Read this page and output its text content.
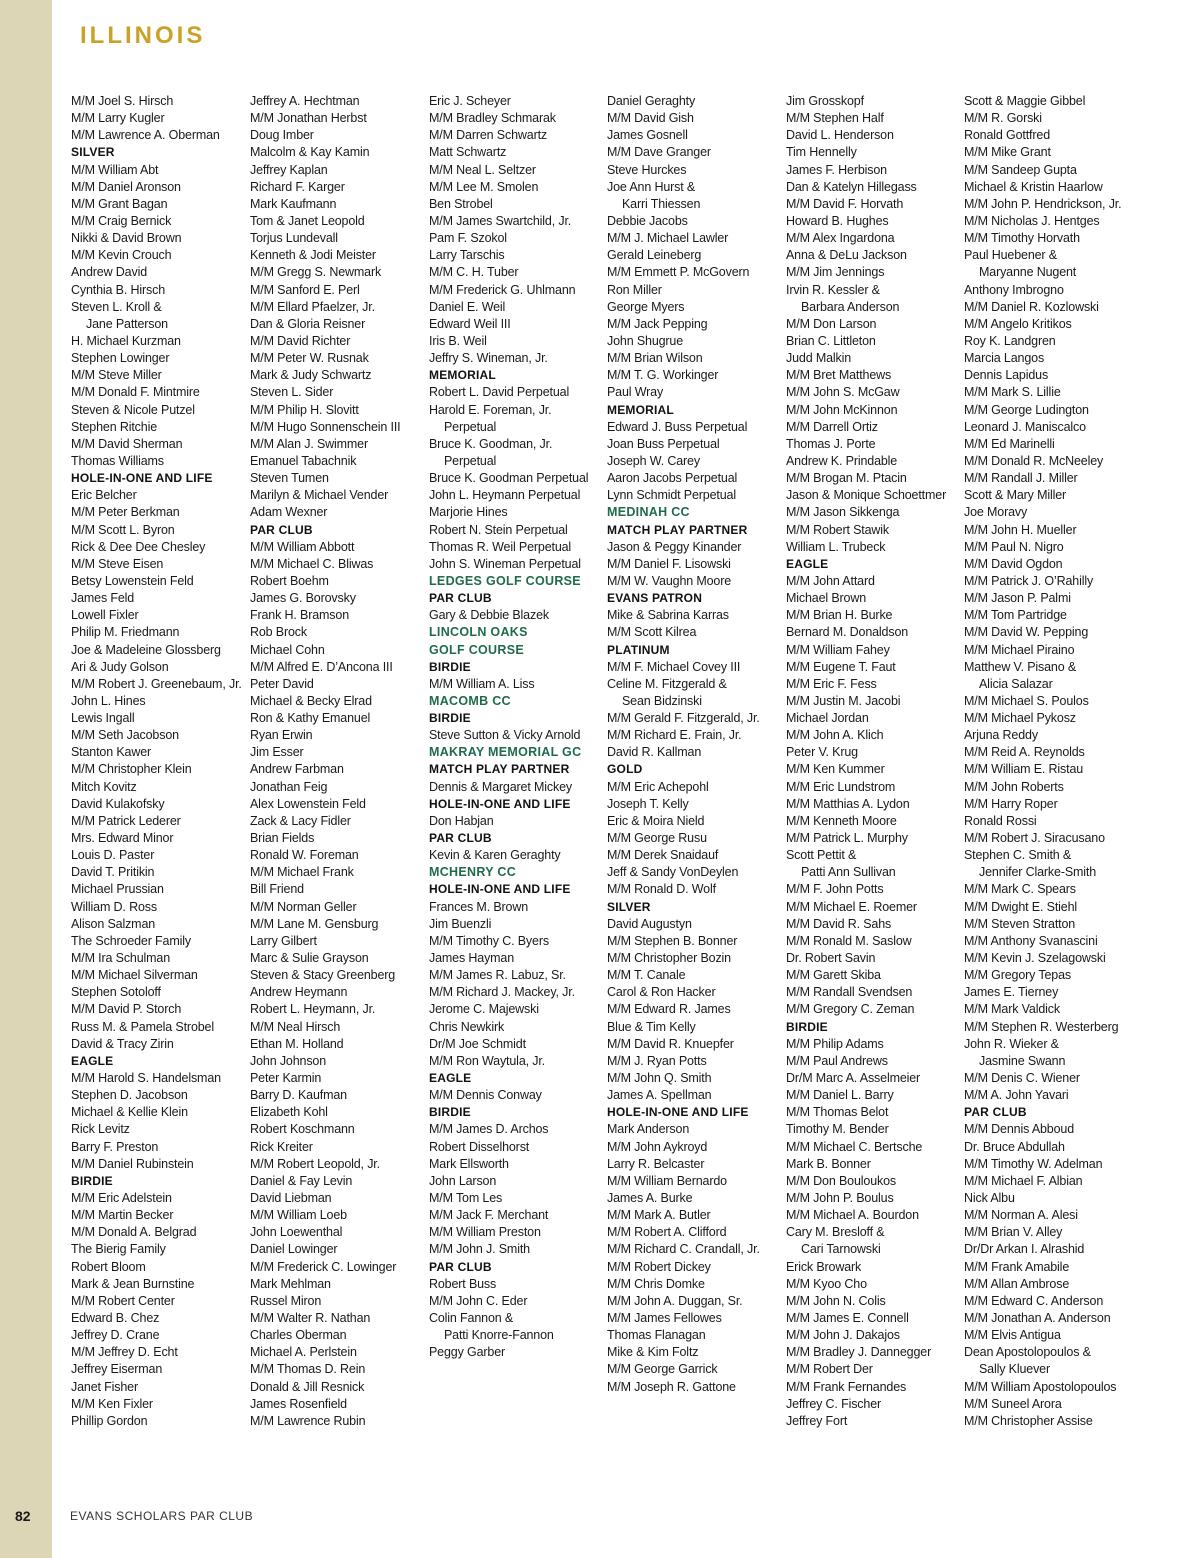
ILLINOIS
M/M Joel S. Hirsch
M/M Larry Kugler
M/M Lawrence A. Oberman
SILVER
M/M William Abt
M/M Daniel Aronson
M/M Grant Bagan
M/M Craig Bernick
Nikki & David Brown
M/M Kevin Crouch
Andrew David
Cynthia B. Hirsch
Steven L. Kroll &
Jane Patterson
H. Michael Kurzman
Stephen Lowinger
M/M Steve Miller
M/M Donald F. Mintmire
Steven & Nicole Putzel
Stephen Ritchie
M/M David Sherman
Thomas Williams
HOLE-IN-ONE AND LIFE
Eric Belcher
M/M Peter Berkman
M/M Scott L. Byron
Rick & Dee Dee Chesley
M/M Steve Eisen
Betsy Lowenstein Feld
James Feld
Lowell Fixler
Philip M. Friedmann
Joe & Madeleine Glossberg
Ari & Judy Golson
M/M Robert J. Greenebaum, Jr.
John L. Hines
Lewis Ingall
M/M Seth Jacobson
Stanton Kawer
M/M Christopher Klein
Mitch Kovitz
David Kulakofsky
M/M Patrick Lederer
Mrs. Edward Minor
Louis D. Paster
David T. Pritikin
Michael Prussian
William D. Ross
Alison Salzman
The Schroeder Family
M/M Ira Schulman
M/M Michael Silverman
Stephen Sotoloff
M/M David P. Storch
Russ M. & Pamela Strobel
David & Tracy Zirin
EAGLE
M/M Harold S. Handelsman
Stephen D. Jacobson
Michael & Kellie Klein
Rick Levitz
Barry F. Preston
M/M Daniel Rubinstein
BIRDIE
M/M Eric Adelstein
M/M Martin Becker
M/M Donald A. Belgrad
The Bierig Family
Robert Bloom
Mark & Jean Burnstine
M/M Robert Center
Edward B. Chez
Jeffrey D. Crane
M/M Jeffrey D. Echt
Jeffrey Eiserman
Janet Fisher
M/M Ken Fixler
Phillip Gordon
Jeffrey A. Hechtman
M/M Jonathan Herbst
Doug Imber
Malcolm & Kay Kamin
Jeffrey Kaplan
Richard F. Karger
Mark Kaufmann
Tom & Janet Leopold
Torjus Lundevall
Kenneth & Jodi Meister
M/M Gregg S. Newmark
M/M Sanford E. Perl
M/M Ellard Pfaelzer, Jr.
Dan & Gloria Reisner
M/M David Richter
M/M Peter W. Rusnak
Mark & Judy Schwartz
Steven L. Sider
M/M Philip H. Slovitt
M/M Hugo Sonnenschein III
M/M Alan J. Swimmer
Emanuel Tabachnik
Steven Tumen
Marilyn & Michael Vender
Adam Wexner
PAR CLUB
M/M William Abbott
M/M Michael C. Bliwas
Robert Boehm
James G. Borovsky
Frank H. Bramson
Rob Brock
Michael Cohn
M/M Alfred E. D’Ancona III
Peter David
Michael & Becky Elrad
Ron & Kathy Emanuel
Ryan Erwin
Jim Esser
Andrew Farbman
Jonathan Feig
Alex Lowenstein Feld
Zack & Lacy Fidler
Brian Fields
Ronald W. Foreman
M/M Michael Frank
Bill Friend
M/M Norman Geller
M/M Lane M. Gensburg
Larry Gilbert
Marc & Sulie Grayson
Steven & Stacy Greenberg
Andrew Heymann
Robert L. Heymann, Jr.
M/M Neal Hirsch
Ethan M. Holland
John Johnson
Peter Karmin
Barry D. Kaufman
Elizabeth Kohl
Robert Koschmann
Rick Kreiter
M/M Robert Leopold, Jr.
Daniel & Fay Levin
David Liebman
M/M William Loeb
John Loewenthal
Daniel Lowinger
M/M Frederick C. Lowinger
Mark Mehlman
Russel Miron
M/M Walter R. Nathan
Charles Oberman
Michael A. Perlstein
M/M Thomas D. Rein
Donald & Jill Resnick
James Rosenfield
M/M Lawrence Rubin
Eric J. Scheyer
M/M Bradley Schmarak
M/M Darren Schwartz
Matt Schwartz
M/M Neal L. Seltzer
M/M Lee M. Smolen
Ben Strobel
M/M James Swartchild, Jr.
Pam F. Szokol
Larry Tarschis
M/M C. H. Tuber
M/M Frederick G. Uhlmann
Daniel E. Weil
Edward Weil III
Iris B. Weil
Jeffry S. Wineman, Jr.
MEMORIAL
Robert L. David Perpetual
Harold E. Foreman, Jr.
Perpetual
Bruce K. Goodman, Jr.
Perpetual
Bruce K. Goodman Perpetual
John L. Heymann Perpetual
Marjorie Hines
Robert N. Stein Perpetual
Thomas R. Weil Perpetual
John S. Wineman Perpetual
LEDGES GOLF COURSE
PAR CLUB
Gary & Debbie Blazek
LINCOLN OAKS
GOLF COURSE
BIRDIE
M/M William A. Liss
MACOMB CC
BIRDIE
Steve Sutton & Vicky Arnold
MAKRAY MEMORIAL GC
MATCH PLAY PARTNER
Dennis & Margaret Mickey
HOLE-IN-ONE AND LIFE
Don Habjan
PAR CLUB
Kevin & Karen Geraghty
MCHENRY CC
HOLE-IN-ONE AND LIFE
Frances M. Brown
Jim Buenzli
M/M Timothy C. Byers
James Hayman
M/M James R. Labuz, Sr.
M/M Richard J. Mackey, Jr.
Jerome C. Majewski
Chris Newkirk
Dr/M Joe Schmidt
M/M Ron Waytula, Jr.
EAGLE
M/M Dennis Conway
BIRDIE
M/M James D. Archos
Robert Disselhorst
Mark Ellsworth
John Larson
M/M Tom Les
M/M Jack F. Merchant
M/M William Preston
M/M John J. Smith
PAR CLUB
Robert Buss
M/M John C. Eder
Colin Fannon &
Patti Knorre-Fannon
Peggy Garber
Daniel Geraghty
M/M David Gish
James Gosnell
M/M Dave Granger
Steve Hurckes
Joe Ann Hurst &
Karri Thiessen
Debbie Jacobs
M/M J. Michael Lawler
Gerald Leineberg
M/M Emmett P. McGovern
Ron Miller
George Myers
M/M Jack Pepping
John Shugrue
M/M Brian Wilson
M/M T. G. Workinger
Paul Wray
MEMORIAL
Edward J. Buss Perpetual
Joan Buss Perpetual
Joseph W. Carey
Aaron Jacobs Perpetual
Lynn Schmidt Perpetual
MEDINAH CC
MATCH PLAY PARTNER
Jason & Peggy Kinander
M/M Daniel F. Lisowski
M/M W. Vaughn Moore
EVANS PATRON
Mike & Sabrina Karras
M/M Scott Kilrea
PLATINUM
M/M F. Michael Covey III
Celine M. Fitzgerald &
Sean Bidzinski
M/M Gerald F. Fitzgerald, Jr.
M/M Richard E. Frain, Jr.
David R. Kallman
GOLD
M/M Eric Achepohl
Joseph T. Kelly
Eric & Moira Nield
M/M George Rusu
M/M Derek Snaidauf
Jeff & Sandy VonDeylen
M/M Ronald D. Wolf
SILVER
David Augustyn
M/M Stephen B. Bonner
M/M Christopher Bozin
M/M T. Canale
Carol & Ron Hacker
M/M Edward R. James
Blue & Tim Kelly
M/M David R. Knuepfer
M/M J. Ryan Potts
M/M John Q. Smith
James A. Spellman
HOLE-IN-ONE AND LIFE
Mark Anderson
M/M John Aykroyd
Larry R. Belcaster
M/M William Bernardo
James A. Burke
M/M Mark A. Butler
M/M Robert A. Clifford
M/M Richard C. Crandall, Jr.
M/M Robert Dickey
M/M Chris Domke
M/M John A. Duggan, Sr.
M/M James Fellowes
Thomas Flanagan
Mike & Kim Foltz
M/M George Garrick
M/M Joseph R. Gattone
Jim Grosskopf
M/M Stephen Half
David L. Henderson
Tim Hennelly
James F. Herbison
Dan & Katelyn Hillegass
M/M David F. Horvath
Howard B. Hughes
M/M Alex Ingardona
Anna & DeLu Jackson
M/M Jim Jennings
Irvin R. Kessler &
Barbara Anderson
M/M Don Larson
Brian C. Littleton
Judd Malkin
M/M Bret Matthews
M/M John S. McGaw
M/M John McKinnon
M/M Darrell Ortiz
Thomas J. Porte
Andrew K. Prindable
M/M Brogan M. Ptacin
Jason & Monique Schoettmer
M/M Jason Sikkenga
M/M Robert Stawik
William L. Trubeck
EAGLE
M/M John Attard
Michael Brown
M/M Brian H. Burke
Bernard M. Donaldson
M/M William Fahey
M/M Eugene T. Faut
M/M Eric F. Fess
M/M Justin M. Jacobi
Michael Jordan
M/M John A. Klich
Peter V. Krug
M/M Ken Kummer
M/M Eric Lundstrom
M/M Matthias A. Lydon
M/M Kenneth Moore
M/M Patrick L. Murphy
Scott Pettit &
Patti Ann Sullivan
M/M F. John Potts
M/M Michael E. Roemer
M/M David R. Sahs
M/M Ronald M. Saslow
Dr. Robert Savin
M/M Garett Skiba
M/M Randall Svendsen
M/M Gregory C. Zeman
BIRDIE
M/M Philip Adams
M/M Paul Andrews
Dr/M Marc A. Asselmeier
M/M Daniel L. Barry
M/M Thomas Belot
Timothy M. Bender
M/M Michael C. Bertsche
Mark B. Bonner
M/M Don Bouloukos
M/M John P. Boulus
M/M Michael A. Bourdon
Cary M. Bresloff &
Cari Tarnowski
Erick Browark
M/M Kyoo Cho
M/M John N. Colis
M/M James E. Connell
M/M John J. Dakajos
M/M Bradley J. Dannegger
M/M Robert Der
M/M Frank Fernandes
Jeffrey C. Fischer
Jeffrey Fort
Scott & Maggie Gibbel
M/M R. Gorski
Ronald Gottfred
M/M Mike Grant
M/M Sandeep Gupta
Michael & Kristin Haarlow
M/M John P. Hendrickson, Jr.
M/M Nicholas J. Hentges
M/M Timothy Horvath
Paul Huebener &
Maryanne Nugent
Anthony Imbrogno
M/M Daniel R. Kozlowski
M/M Angelo Kritikos
Roy K. Landgren
Marcia Langos
Dennis Lapidus
M/M Mark S. Lillie
M/M George Ludington
Leonard J. Maniscalco
M/M Ed Marinelli
M/M Donald R. McNeeley
M/M Randall J. Miller
Scott & Mary Miller
Joe Moravy
M/M John H. Mueller
M/M Paul N. Nigro
M/M David Ogdon
M/M Patrick J. O’Rahilly
M/M Jason P. Palmi
M/M Tom Partridge
M/M David W. Pepping
M/M Michael Piraino
Matthew V. Pisano &
Alicia Salazar
M/M Michael S. Poulos
M/M Michael Pykosz
Arjuna Reddy
M/M Reid A. Reynolds
M/M William E. Ristau
M/M John Roberts
M/M Harry Roper
Ronald Rossi
M/M Robert J. Siracusano
Stephen C. Smith &
Jennifer Clarke-Smith
M/M Mark C. Spears
M/M Dwight E. Stiehl
M/M Steven Stratton
M/M Anthony Svanascini
M/M Kevin J. Szelagowski
M/M Gregory Tepas
James E. Tierney
M/M Mark Valdick
M/M Stephen R. Westerberg
John R. Wieker &
Jasmine Swann
M/M Denis C. Wiener
M/M A. John Yavari
PAR CLUB
M/M Dennis Abboud
Dr. Bruce Abdullah
M/M Timothy W. Adelman
M/M Michael F. Albian
Nick Albu
M/M Norman A. Alesi
M/M Brian V. Alley
Dr/Dr Arkan I. Alrashid
M/M Frank Amabile
M/M Allan Ambrose
M/M Edward C. Anderson
M/M Jonathan A. Anderson
M/M Elvis Antigua
Dean Apostolopoulos &
Sally Kluever
M/M William Apostolopoulos
M/M Suneel Arora
M/M Christopher Assise
82	EVANS SCHOLARS PAR CLUB
